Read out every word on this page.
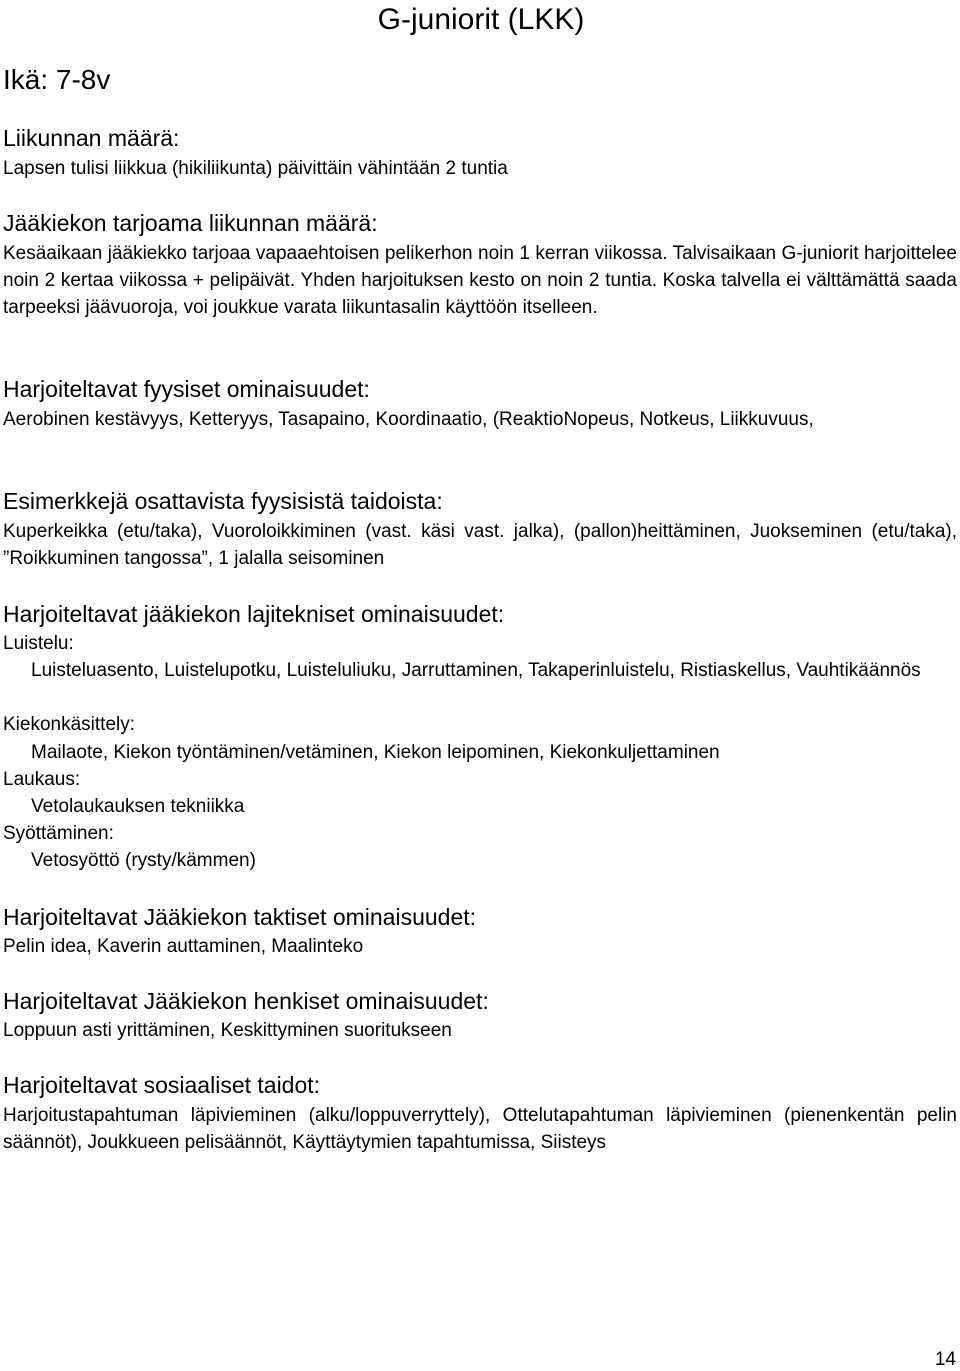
G-juniorit (LKK)
Ikä: 7-8v
Liikunnan määrä:
Lapsen tulisi liikkua (hikiliikunta) päivittäin vähintään 2 tuntia
Jääkiekon tarjoama liikunnan määrä:
Kesäaikaan jääkiekko tarjoaa vapaaehtoisen pelikerhon noin 1 kerran viikossa. Talvisaikaan G-juniorit harjoittelee noin 2 kertaa viikossa + pelipäivät. Yhden harjoituksen kesto on noin 2 tuntia. Koska talvella ei välttämättä saada tarpeeksi jäävuoroja, voi joukkue varata liikuntasalin käyttöön itselleen.
Harjoiteltavat fyysiset ominaisuudet:
Aerobinen kestävyys, Ketteryys, Tasapaino, Koordinaatio, (ReaktioNopeus, Notkeus, Liikkuvuus,
Esimerkkejä osattavista fyysisistä taidoista:
Kuperkeikka (etu/taka), Vuoroloikkiminen (vast. käsi vast. jalka), (pallon)heittäminen, Juokseminen (etu/taka), ”Roikkuminen tangossa”, 1 jalalla seisominen
Harjoiteltavat jääkiekon lajitekniset ominaisuudet:
Luistelu:
Luisteluasento, Luistelupotku, Luisteluliuku, Jarruttaminen, Takaperinluistelu, Ristiaskellus, Vauhtikäännös
Kiekonkäsittely:
Mailaote, Kiekon työntäminen/vetäminen, Kiekon leipominen, Kiekonkuljettaminen
Laukaus:
Vetolaukauksen tekniikka
Syöttäminen:
Vetosyöttö (rysty/kämmen)
Harjoiteltavat Jääkiekon taktiset ominaisuudet:
Pelin idea, Kaverin auttaminen, Maalinteko
Harjoiteltavat Jääkiekon henkiset ominaisuudet:
Loppuun asti yrittäminen, Keskittyminen suoritukseen
Harjoiteltavat sosiaaliset taidot:
Harjoitustapahtuman läpivieminen (alku/loppuverryttely), Ottelutapahtuman läpivieminen (pienenkentän pelin säännöt), Joukkueen pelisäännöt, Käyttäytymien tapahtumissa, Siisteys
14
